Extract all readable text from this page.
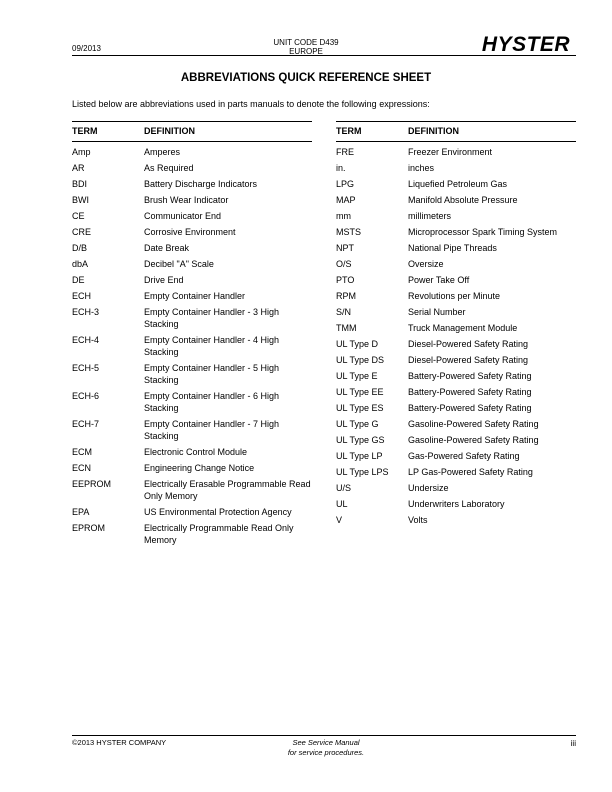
09/2013
UNIT CODE D439
EUROPE	HYSTER
ABBREVIATIONS QUICK REFERENCE SHEET
Listed below are abbreviations used in parts manuals to denote the following expressions:
TERM	DEFINITION
Amp	Amperes
AR	As Required
BDI	Battery Discharge Indicators
BWI	Brush Wear Indicator
CE	Communicator End
CRE	Corrosive Environment
D/B	Date Break
dbA	Decibel "A" Scale
DE	Drive End
ECH	Empty Container Handler
ECH-3	Empty Container Handler - 3 High Stacking
ECH-4	Empty Container Handler - 4 High Stacking
ECH-5	Empty Container Handler - 5 High Stacking
ECH-6	Empty Container Handler - 6 High Stacking
ECH-7	Empty Container Handler - 7 High Stacking
ECM	Electronic Control Module
ECN	Engineering Change Notice
EEPROM	Electrically Erasable Programmable Read Only Memory
EPA	US Environmental Protection Agency
EPROM	Electrically Programmable Read Only Memory
TERM	DEFINITION
FRE	Freezer Environment
in.	inches
LPG	Liquefied Petroleum Gas
MAP	Manifold Absolute Pressure
mm	millimeters
MSTS	Microprocessor Spark Timing System
NPT	National Pipe Threads
O/S	Oversize
PTO	Power Take Off
RPM	Revolutions per Minute
S/N	Serial Number
TMM	Truck Management Module
UL Type D	Diesel-Powered Safety Rating
UL Type DS	Diesel-Powered Safety Rating
UL Type E	Battery-Powered Safety Rating
UL Type EE	Battery-Powered Safety Rating
UL Type ES	Battery-Powered Safety Rating
UL Type G	Gasoline-Powered Safety Rating
UL Type GS	Gasoline-Powered Safety Rating
UL Type LP	Gas-Powered Safety Rating
UL Type LPS	LP Gas-Powered Safety Rating
U/S	Undersize
UL	Underwriters Laboratory
V	Volts
©2013 HYSTER COMPANY	See Service Manual
for service procedures.
iii
